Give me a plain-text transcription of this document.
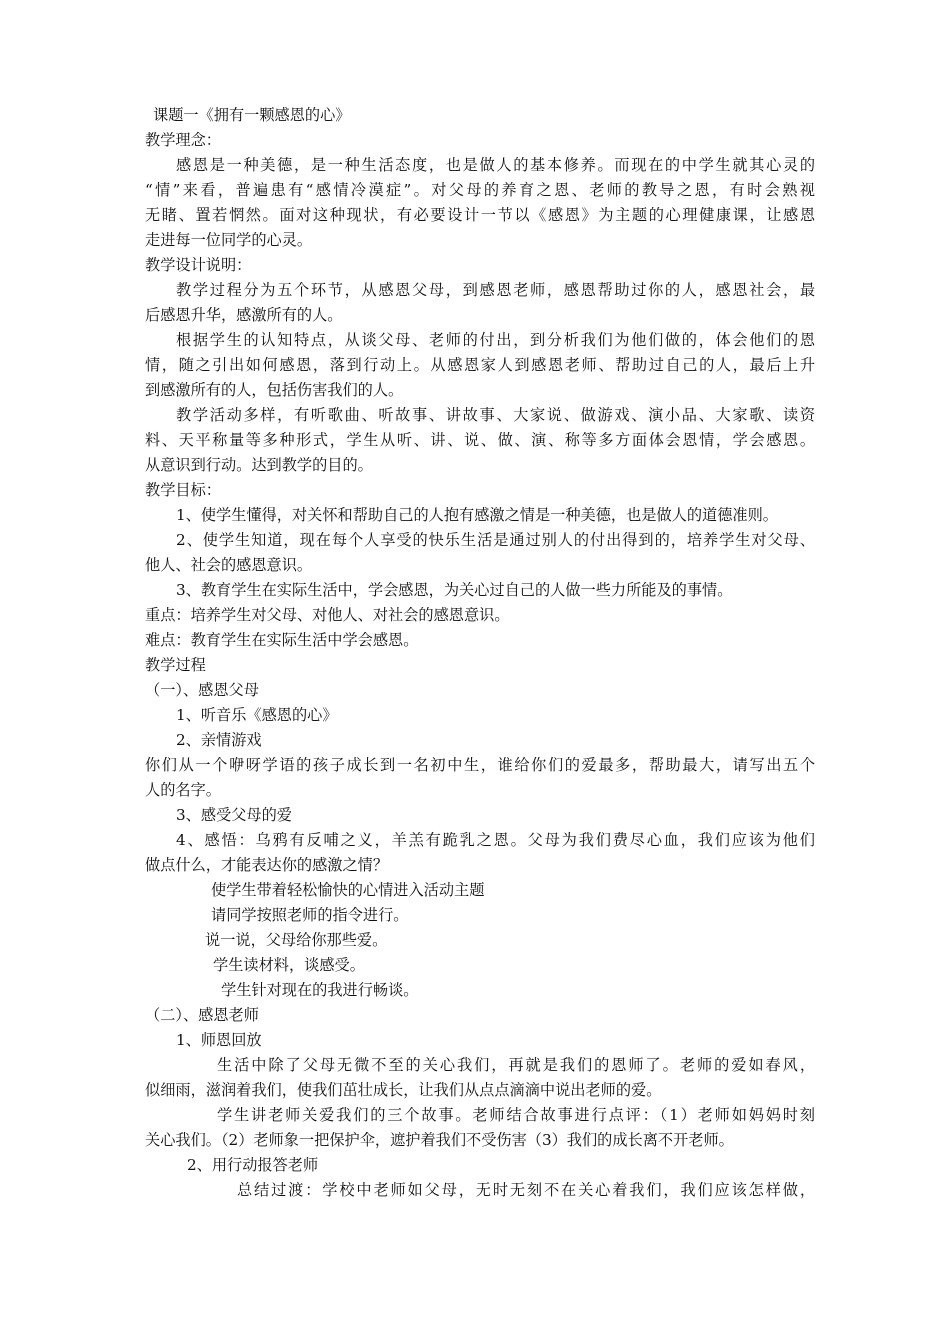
课题一《拥有一颗感恩的心》
教学理念：
感恩是一种美德，是一种生活态度，也是做人的基本修养。而现在的中学生就其心灵的
“情”来看，普遍患有“感情冷漠症”。对父母的养育之恩、老师的教导之恩，有时会熟视
无睹、置若惘然。面对这种现状，有必要设计一节以《感恩》为主题的心理健康课，让感恩
走进每一位同学的心灵。
教学设计说明：
教学过程分为五个环节，从感恩父母，到感恩老师，感恩帮助过你的人，感恩社会，最
后感恩升华，感激所有的人。
根据学生的认知特点，从谈父母、老师的付出，到分析我们为他们做的，体会他们的恩
情，随之引出如何感恩，落到行动上。从感恩家人到感恩老师、帮助过自己的人，最后上升
到感激所有的人，包括伤害我们的人。
教学活动多样，有听歌曲、听故事、讲故事、大家说、做游戏、演小品、大家歌、读资
料、天平称量等多种形式，学生从听、讲、说、做、演、称等多方面体会恩情，学会感恩。
从意识到行动。达到教学的目的。
教学目标：
1、使学生懂得，对关怀和帮助自己的人抱有感激之情是一种美德，也是做人的道德准则。
2、使学生知道，现在每个人享受的快乐生活是通过别人的付出得到的，培养学生对父母、
他人、社会的感恩意识。
3、教育学生在实际生活中，学会感恩，为关心过自己的人做一些力所能及的事情。
重点：培养学生对父母、对他人、对社会的感恩意识。
难点：教育学生在实际生活中学会感恩。
教学过程
（一）、感恩父母
1、听音乐《感恩的心》
2、亲情游戏
你们从一个咿呀学语的孩子成长到一名初中生，谁给你们的爱最多，帮助最大，请写出五个
人的名字。
3、感受父母的爱
4、感悟：乌鸦有反哺之义，羊羔有跪乳之恩。父母为我们费尽心血，我们应该为他们
做点什么，才能表达你的感激之情？
使学生带着轻松愉快的心情进入活动主题
请同学按照老师的指令进行。
说一说，父母给你那些爱。
学生读材料，谈感受。
学生针对现在的我进行畅谈。
（二）、感恩老师
1、师恩回放
生活中除了父母无微不至的关心我们，再就是我们的恩师了。老师的爱如春风，
似细雨，滋润着我们，使我们茁壮成长，让我们从点点滴滴中说出老师的爱。
学生讲老师关爱我们的三个故事。老师结合故事进行点评：（1）老师如妈妈时刻
关心我们。（2）老师象一把保护伞，遮护着我们不受伤害（3）我们的成长离不开老师。
2、用行动报答老师
总结过渡：学校中老师如父母，无时无刻不在关心着我们，我们应该怎样做，
